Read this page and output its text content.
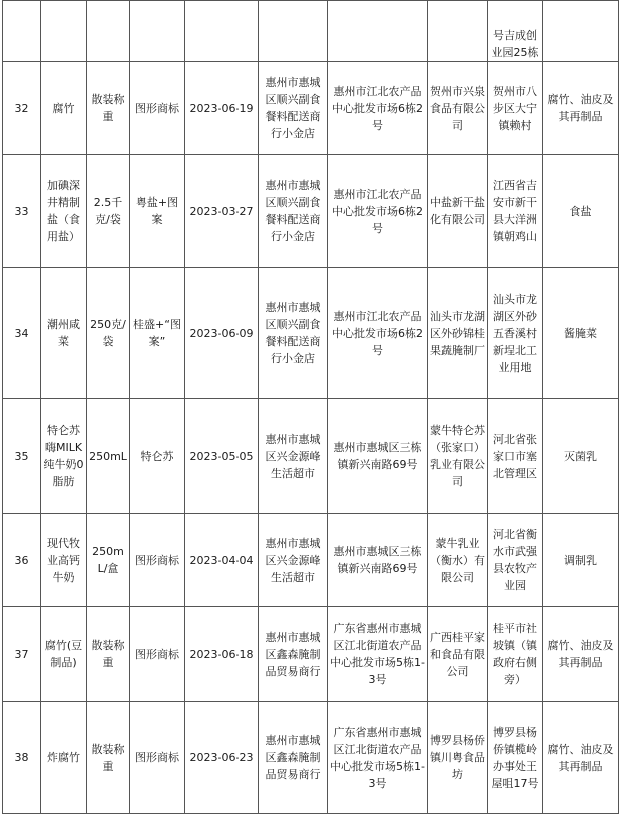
								号吉成创业园25栋	
32	腐竹	散装称重	图形商标	2023-06-19	惠州市惠城区顺兴副食餐料配送商行小金店	惠州市江北农产品中心批发市场6栋2号	贺州市兴泉食品有限公司	贺州市八步区大宁镇赖村	腐竹、油皮及其再制品
33	加碘深井精制盐（食用盐）	2.5千克/袋	粤盐+图案	2023-03-27	惠州市惠城区顺兴副食餐料配送商行小金店	惠州市江北农产品中心批发市场6栋2号	中盐新干盐化有限公司	江西省吉安市新干县大洋洲镇朝鸡山	食盐
34	潮州咸菜	250克/袋	桂盛+“图案”	2023-06-09	惠州市惠城区顺兴副食餐料配送商行小金店	惠州市江北农产品中心批发市场6栋2号	汕头市龙湖区外砂锦桂果蔬腌制厂	汕头市龙湖区外砂五香溪村新埕北工业用地	酱腌菜
35	特仑苏嗨MILK纯牛奶0脂肪	250mL	特仑苏	2023-05-05	惠州市惠城区兴金源峰生活超市	惠州市惠城区三栋镇新兴南路69号	蒙牛特仑苏（张家口）乳业有限公司	河北省张家口市塞北管理区	灭菌乳
36	现代牧业高钙牛奶	250mL/盒	图形商标	2023-04-04	惠州市惠城区兴金源峰生活超市	惠州市惠城区三栋镇新兴南路69号	蒙牛乳业（衡水）有限公司	河北省衡水市武强县农牧产业园	调制乳
37	腐竹(豆制品)	散装称重	图形商标	2023-06-18	惠州市惠城区鑫森腌制品贸易商行	广东省惠州市惠城区江北街道农产品中心批发市场5栋1-3号	广西桂平家和食品有限公司	桂平市社坡镇（镇政府右侧旁）	腐竹、油皮及其再制品
38	炸腐竹	散装称重	图形商标	2023-06-23	惠州市惠城区鑫森腌制品贸易商行	广东省惠州市惠城区江北街道农产品中心批发市场5栋1-3号	博罗县杨侨镇川粤食品坊	博罗县杨侨镇榄岭办事处王屋咀17号	腐竹、油皮及其再制品
